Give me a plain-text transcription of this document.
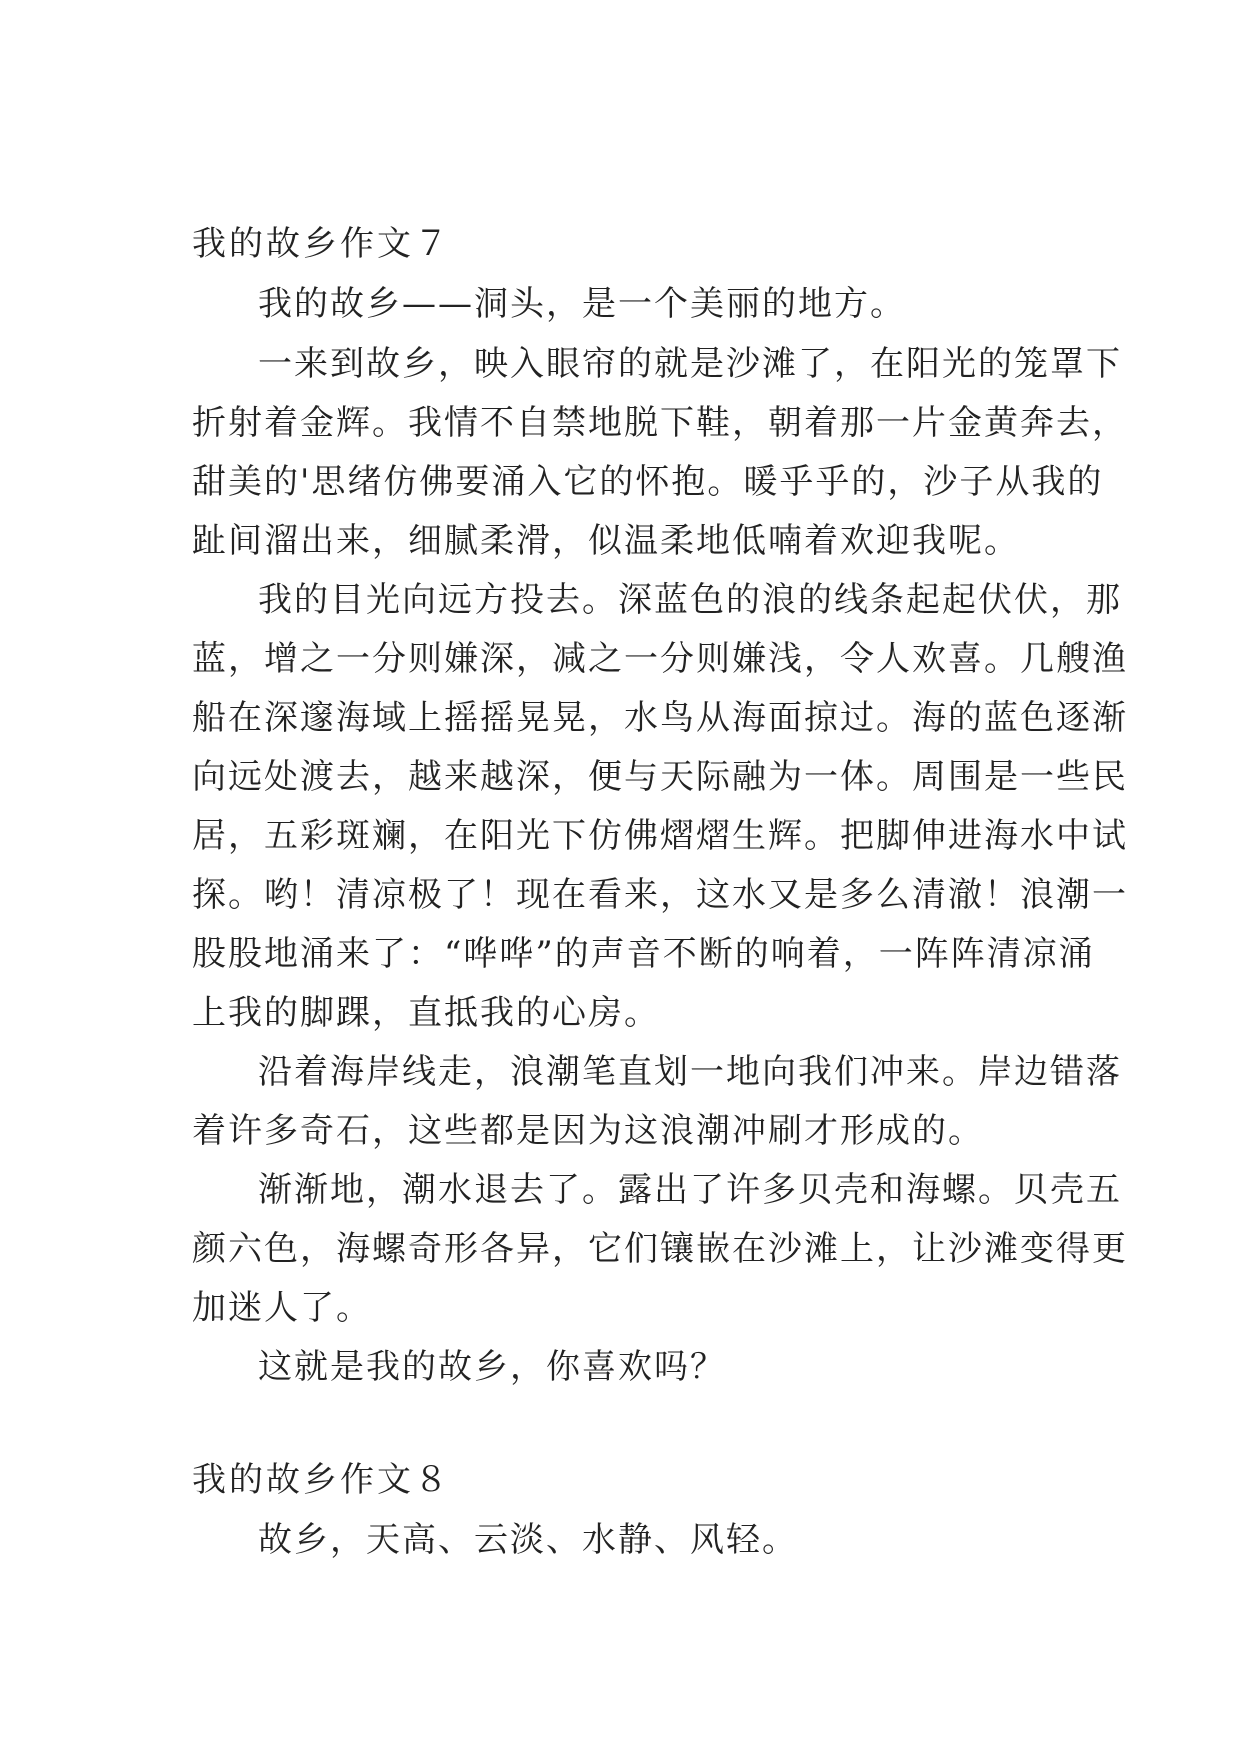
我的故乡作文７
我的故乡——洞头，是一个美丽的地方。
一来到故乡，映入眼帘的就是沙滩了，在阳光的笼罩下
折射着金辉。我情不自禁地脱下鞋，朝着那一片金黄奔去，
甜美的'思绪仿佛要涌入它的怀抱。暖乎乎的，沙子从我的
趾间溜出来，细腻柔滑，似温柔地低喃着欢迎我呢。
我的目光向远方投去。深蓝色的浪的线条起起伏伏，那
蓝，增之一分则嫌深，减之一分则嫌浅，令人欢喜。几艘渔
船在深邃海域上摇摇晃晃，水鸟从海面掠过。海的蓝色逐渐
向远处渡去，越来越深，便与天际融为一体。周围是一些民
居，五彩斑斓，在阳光下仿佛熠熠生辉。把脚伸进海水中试
探。哟！清凉极了！现在看来，这水又是多么清澈！浪潮一
股股地涌来了：“哗哗”的声音不断的响着，一阵阵清凉涌
上我的脚踝，直抵我的心房。
沿着海岸线走，浪潮笔直划一地向我们冲来。岸边错落
着许多奇石，这些都是因为这浪潮冲刷才形成的。
渐渐地，潮水退去了。露出了许多贝壳和海螺。贝壳五
颜六色，海螺奇形各异，它们镶嵌在沙滩上，让沙滩变得更
加迷人了。
这就是我的故乡，你喜欢吗？
我的故乡作文８
故乡，天高、云淡、水静、风轻。
